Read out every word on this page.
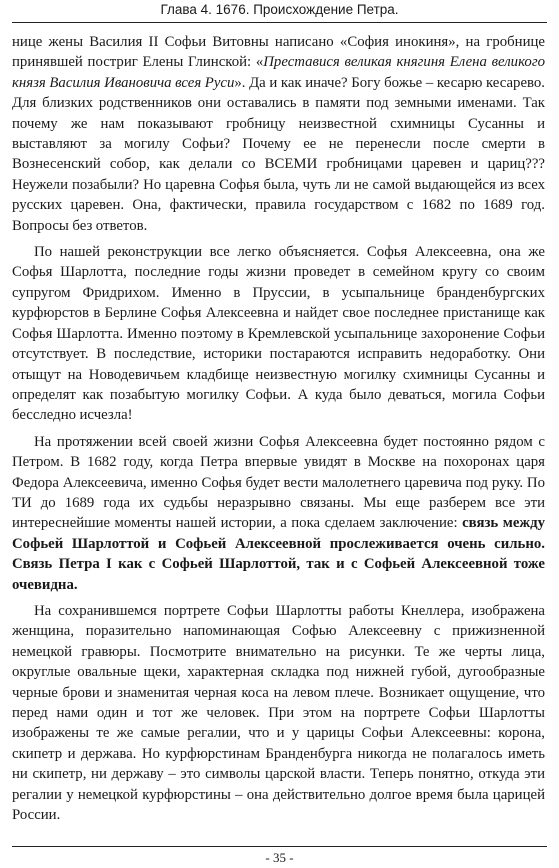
Глава 4. 1676. Происхождение Петра.

нице жены Василия II Софьи Витовны написано «София инокиня», на гробнице принявшей постриг Елены Глинской: «Преставися великая княгиня Елена великого князя Василия Ивановича всея Руси». Да и как иначе? Богу божье – кесарю кесарево. Для близких родственников они оставались в памяти под земными именами. Так почему же нам показывают гробницу неизвестной схимницы Сусанны и выставляют за могилу Софьи? Почему ее не перенесли после смерти в Вознесенский собор, как делали со ВСЕМИ гробницами царевен и цариц??? Неужели позабыли? Но царевна Софья была, чуть ли не самой выдающейся из всех русских царевен. Она, фактически, правила государством с 1682 по 1689 год. Вопросы без ответов.

По нашей реконструкции все легко объясняется. Софья Алексеевна, она же Софья Шарлотта, последние годы жизни проведет в семейном кругу со своим супругом Фридрихом. Именно в Пруссии, в усыпальнице бранденбургских курфюрстов в Берлине Софья Алексеевна и найдет свое последнее пристанище как Софья Шарлотта. Именно поэтому в Кремлевской усыпальнице захоронение Софьи отсутствует. В последствие, историки постараются исправить недоработку. Они отыщут на Новодевичьем кладбище неизвестную могилку схимницы Сусанны и определят как позабытую могилку Софьи. А куда было деваться, могила Софьи бесследно исчезла!

На протяжении всей своей жизни Софья Алексеевна будет постоянно рядом с Петром. В 1682 году, когда Петра впервые увидят в Москве на похоронах царя Федора Алексеевича, именно Софья будет вести малолетнего царевича под руку. По ТИ до 1689 года их судьбы неразрывно связаны. Мы еще разберем все эти интереснейшие моменты нашей истории, а пока сделаем заключение: связь между Софьей Шарлоттой и Софьей Алексеевной прослеживается очень сильно. Связь Петра I как с Софьей Шарлоттой, так и с Софьей Алексеевной тоже очевидна.

На сохранившемся портрете Софьи Шарлотты работы Кнеллера, изображена женщина, поразительно напоминающая Софью Алексеевну с прижизненной немецкой гравюры. Посмотрите внимательно на рисунки. Те же черты лица, округлые овальные щеки, характерная складка под нижней губой, дугообразные черные брови и знаменитая черная коса на левом плече. Возникает ощущение, что перед нами один и тот же человек. При этом на портрете Софьи Шарлотты изображены те же самые регалии, что и у царицы Софьи Алексеевны: корона, скипетр и держава. Но курфюрстинам Бранденбурга никогда не полагалось иметь ни скипетр, ни державу – это символы царской власти. Теперь понятно, откуда эти регалии у немецкой курфюрстины – она действительно долгое время была царицей России.

- 35 -
